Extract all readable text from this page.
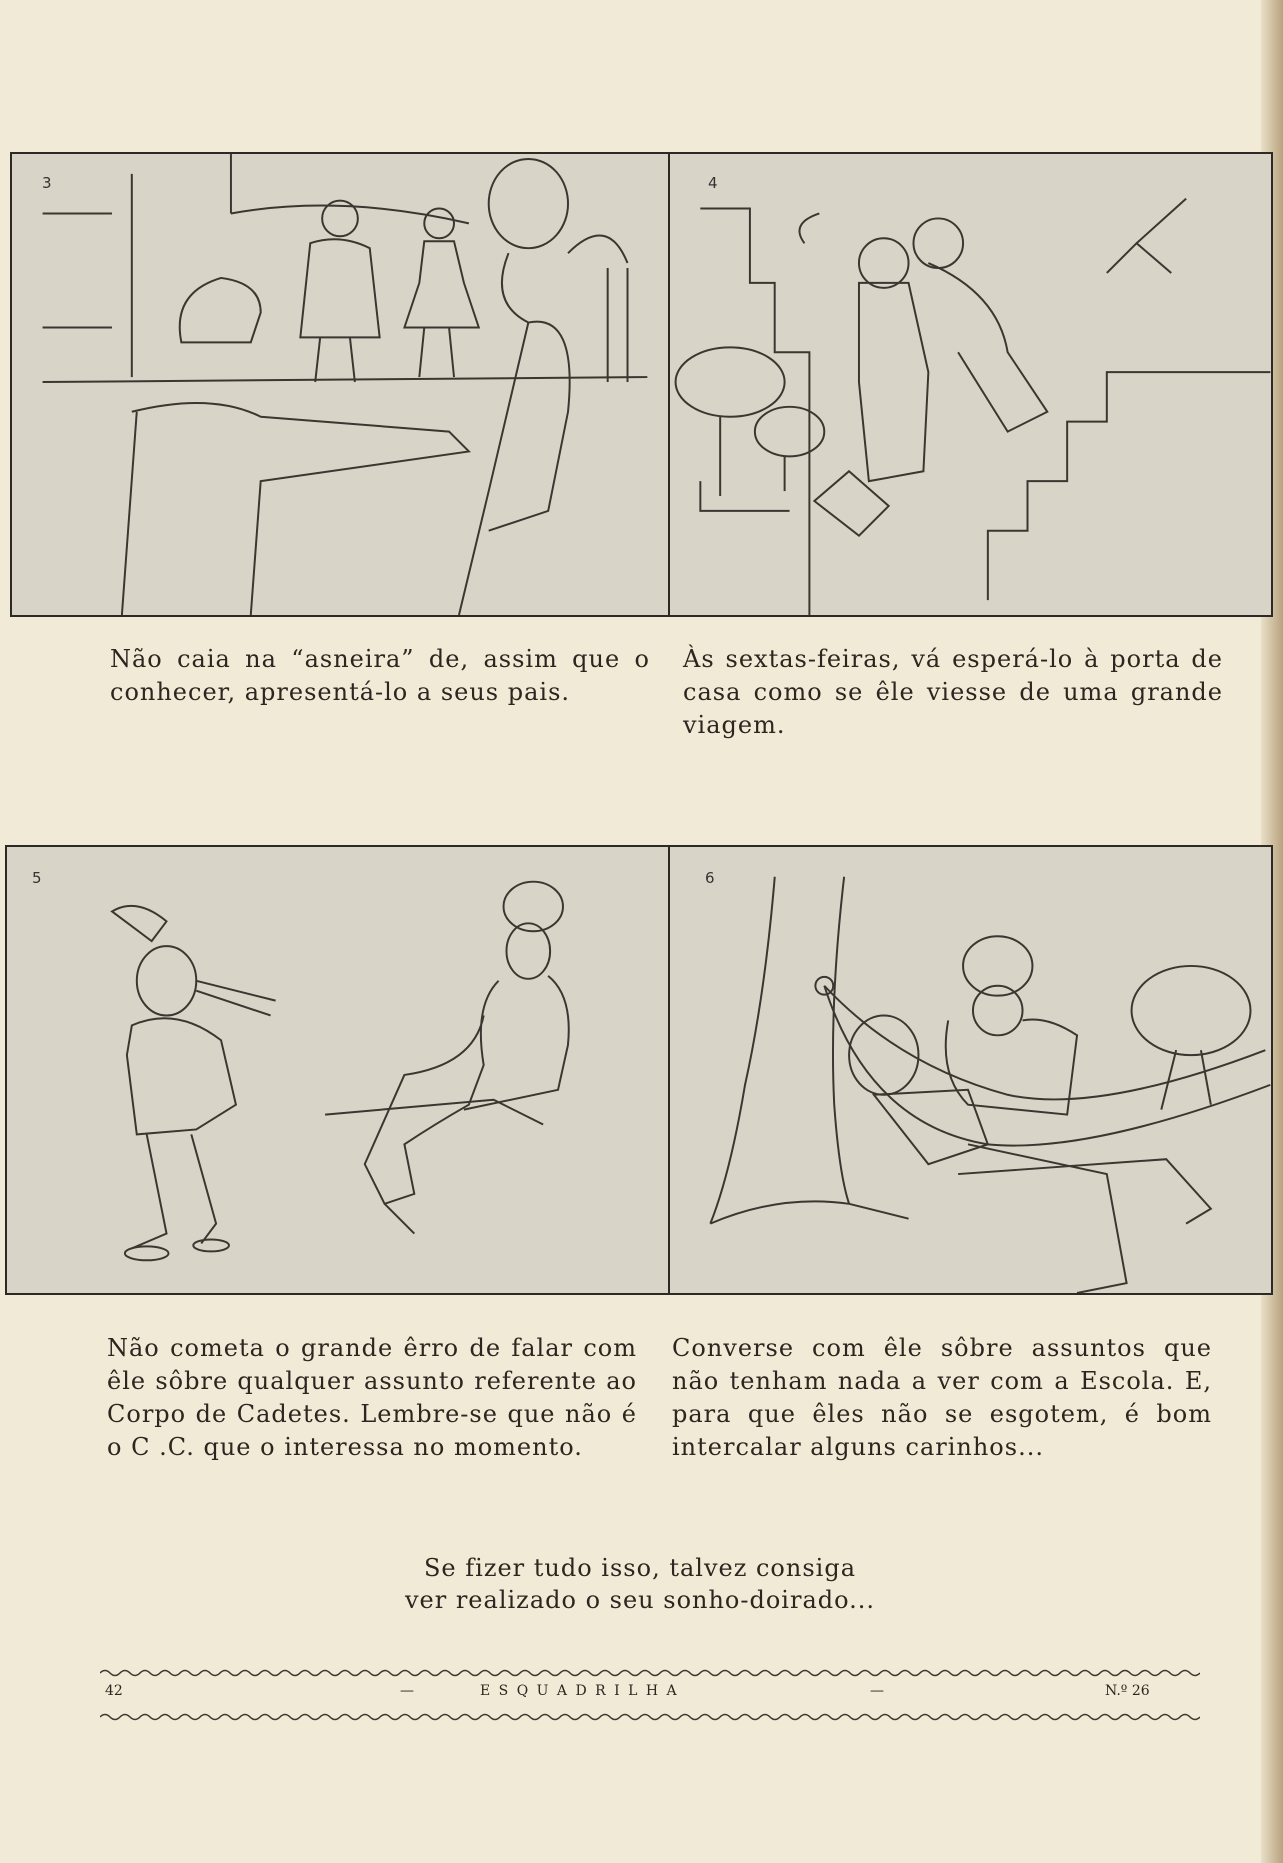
3	4

Não caia na “asneira” de, assim que o conhecer, apresentá-lo a seus pais.

Às sextas-feiras, vá esperá-lo à porta de casa como se êle viesse de uma grande viagem.

5	6

Não cometa o grande êrro de falar com êle sôbre qualquer assunto referente ao Corpo de Cadetes. Lembre-se que não é o C .C. que o interessa no momento.

Converse com êle sôbre assuntos que não tenham nada a ver com a Escola. E, para que êles não se esgotem, é bom intercalar alguns carinhos...

Se fizer tudo isso, talvez consiga

ver realizado o seu sonho-doirado...

42	—	E S Q U A D R I L H A	—	N.º 26
